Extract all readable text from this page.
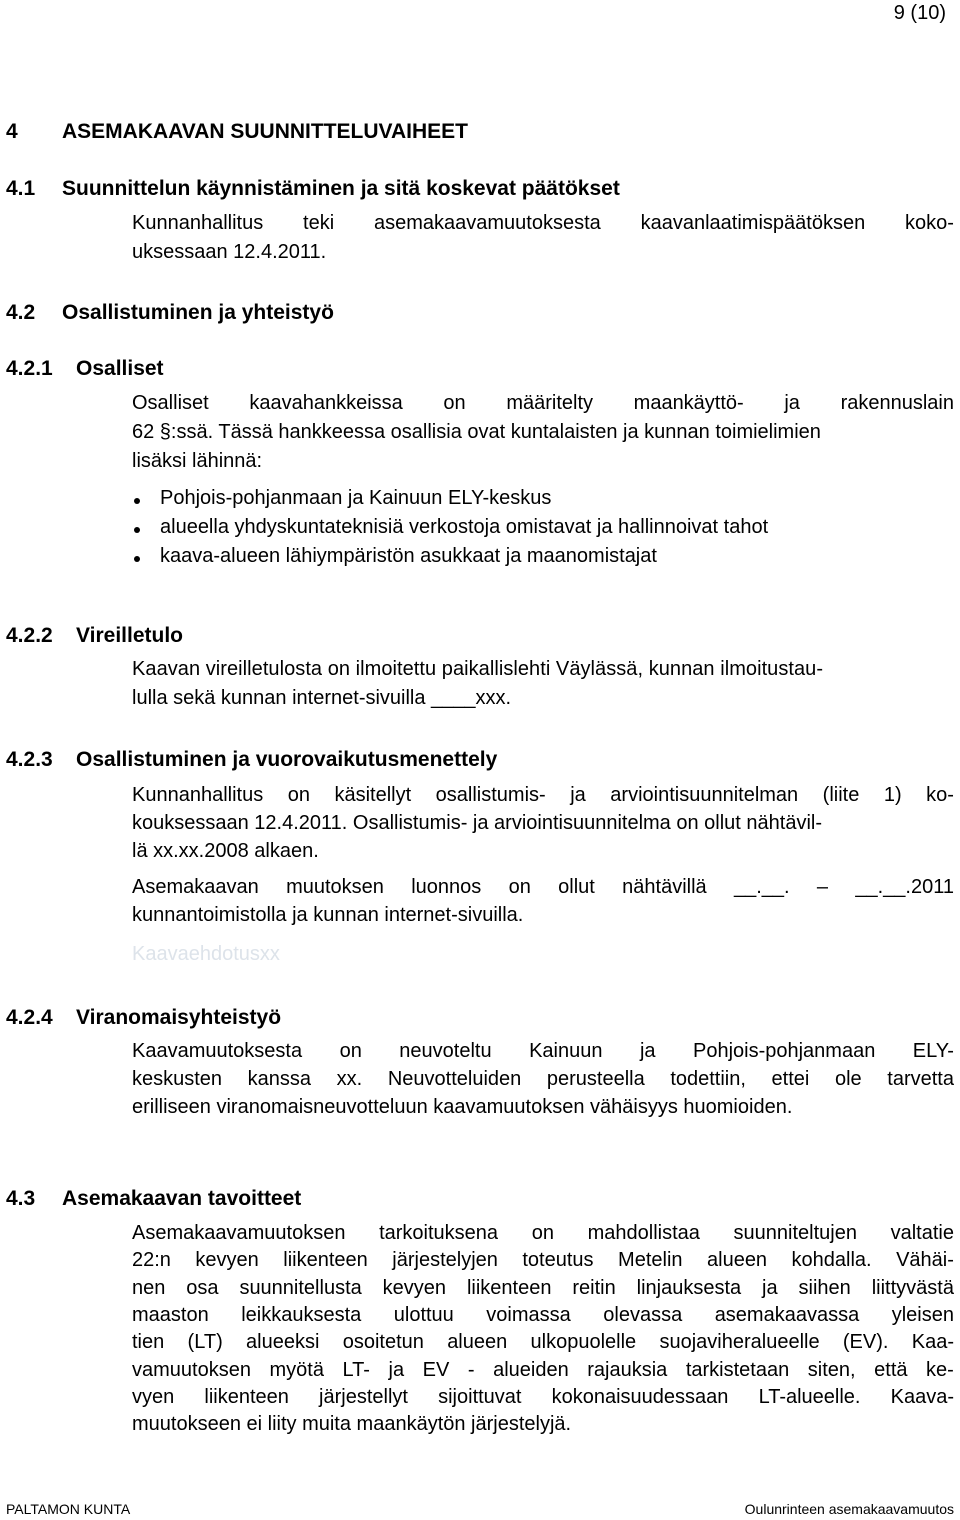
9 (10)
4 ASEMAKAAVAN SUUNNITTELUVAIHEET
4.1 Suunnittelun käynnistäminen ja sitä koskevat päätökset
Kunnanhallitus teki asemakaavamuutoksesta kaavanlaatimispäätöksen koko-
uksessaan 12.4.2011.
4.2 Osallistuminen ja yhteistyö
4.2.1 Osalliset
Osalliset kaavahankkeissa on määritelty maankäyttö- ja rakennuslain
62 §:ssä. Tässä hankkeessa osallisia ovat kuntalaisten ja kunnan toimielimien
lisäksi lähinnä:
Pohjois-pohjanmaan ja Kainuun ELY-keskus
alueella yhdyskuntateknisiä verkostoja omistavat ja hallinnoivat tahot
kaava-alueen lähiympäristön asukkaat ja maanomistajat
4.2.2 Vireilletulo
Kaavan vireilletulosta on ilmoitettu paikallislehti Väylässä, kunnan ilmoitustau-
lulla sekä kunnan internet-sivuilla ____xxx.
4.2.3 Osallistuminen ja vuorovaikutusmenettely
Kunnanhallitus on käsitellyt osallistumis- ja arviointisuunnitelman (liite 1) ko-
kouksessaan 12.4.2011. Osallistumis- ja arviointisuunnitelma on ollut nähtävil-
lä xx.xx.2008 alkaen.
Asemakaavan muutoksen luonnos on ollut nähtävillä __.__. – __.__.2011
kunnantoimistolla ja kunnan internet-sivuilla.
Kaavaehdotusxx
4.2.4 Viranomaisyhteistyö
Kaavamuutoksesta on neuvoteltu Kainuun ja Pohjois-pohjanmaan ELY-
keskusten kanssa xx. Neuvotteluiden perusteella todettiin, ettei ole tarvetta
erilliseen viranomaisneuvotteluun kaavamuutoksen vähäisyys huomioiden.
4.3 Asemakaavan tavoitteet
Asemakaavamuutoksen tarkoituksena on mahdollistaa suunniteltujen valtatie
22:n kevyen liikenteen järjestelyjen toteutus Metelin alueen kohdalla. Vähäi-
nen osa suunnitellusta kevyen liikenteen reitin linjauksesta ja siihen liittyvästä
maaston leikkauksesta ulottuu voimassa olevassa asemakaavassa yleisen
tien (LT) alueeksi osoitetun alueen ulkopuolelle suojaviheralueelle (EV). Kaa-
vamuutoksen myötä LT- ja EV - alueiden rajauksia tarkistetaan siten, että ke-
vyen liikenteen järjestellyt sijoittuvat kokonaisuudessaan LT-alueelle. Kaava-
muutokseen ei liity muita maankäytön järjestelyjä.
PALTAMON KUNTA	Oulunrinteen asemakaavamuutos
